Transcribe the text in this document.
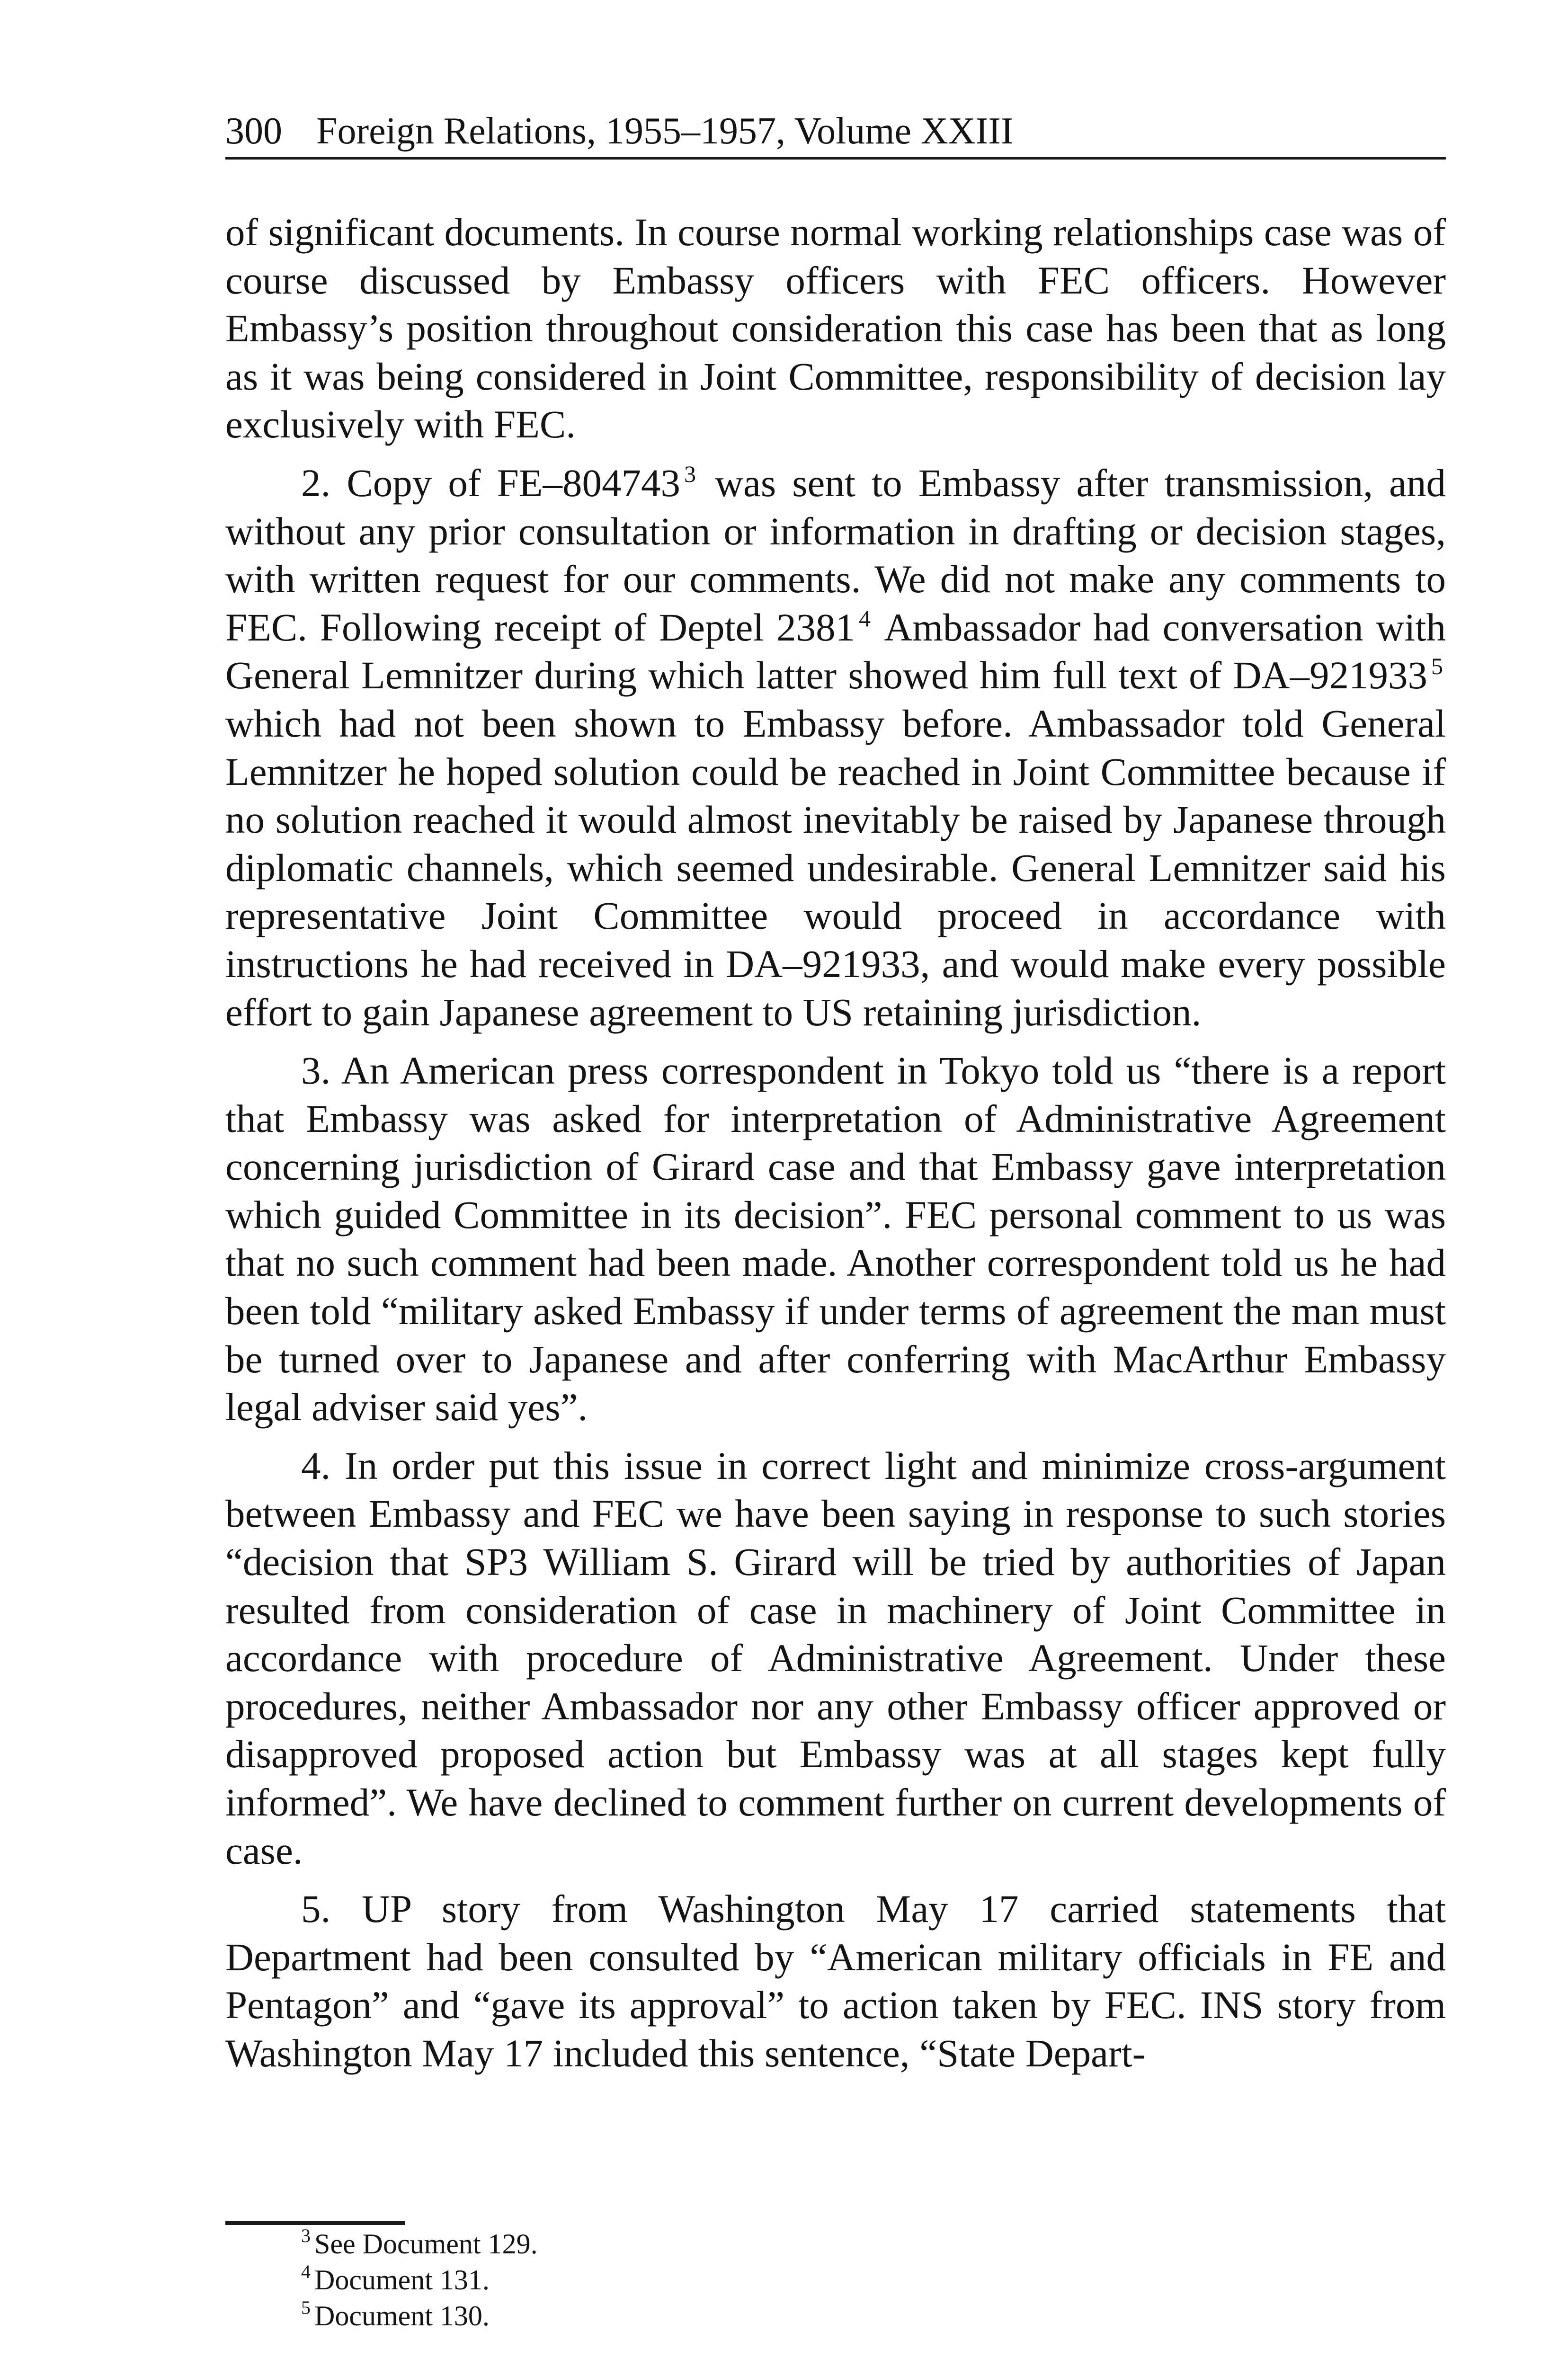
300 Foreign Relations, 1955–1957, Volume XXIII

of significant documents. In course normal working relationships case was of course discussed by Embassy officers with FEC officers. However Embassy’s position throughout consideration this case has been that as long as it was being considered in Joint Committee, responsibility of decision lay exclusively with FEC.

2. Copy of FE–804743 $^3$ was sent to Embassy after transmission, and without any prior consultation or information in drafting or decision stages, with written request for our comments. We did not make any comments to FEC. Following receipt of Deptel 2381 $^4$ Ambassador had conversation with General Lemnitzer during which latter showed him full text of DA–921933 $^5$ which had not been shown to Embassy before. Ambassador told General Lemnitzer he hoped solution could be reached in Joint Committee because if no solution reached it would almost inevitably be raised by Japanese through diplomatic channels, which seemed undesirable. General Lemnitzer said his representative Joint Committee would proceed in accordance with instructions he had received in DA–921933, and would make every possible effort to gain Japanese agreement to US retaining jurisdiction.

3. An American press correspondent in Tokyo told us “there is a report that Embassy was asked for interpretation of Administrative Agreement concerning jurisdiction of Girard case and that Embassy gave interpretation which guided Committee in its decision”. FEC personal comment to us was that no such comment had been made. Another correspondent told us he had been told “military asked Embassy if under terms of agreement the man must be turned over to Japanese and after conferring with MacArthur Embassy legal adviser said yes”.

4. In order put this issue in correct light and minimize cross-argument between Embassy and FEC we have been saying in response to such stories “decision that SP3 William S. Girard will be tried by authorities of Japan resulted from consideration of case in machinery of Joint Committee in accordance with procedure of Administrative Agreement. Under these procedures, neither Ambassador nor any other Embassy officer approved or disapproved proposed action but Embassy was at all stages kept fully informed”. We have declined to comment further on current developments of case.

5. UP story from Washington May 17 carried statements that Department had been consulted by “American military officials in FE and Pentagon” and “gave its approval” to action taken by FEC. INS story from Washington May 17 included this sentence, “State Depart-

$^3$ See Document 129.
$^4$ Document 131.
$^5$ Document 130.
